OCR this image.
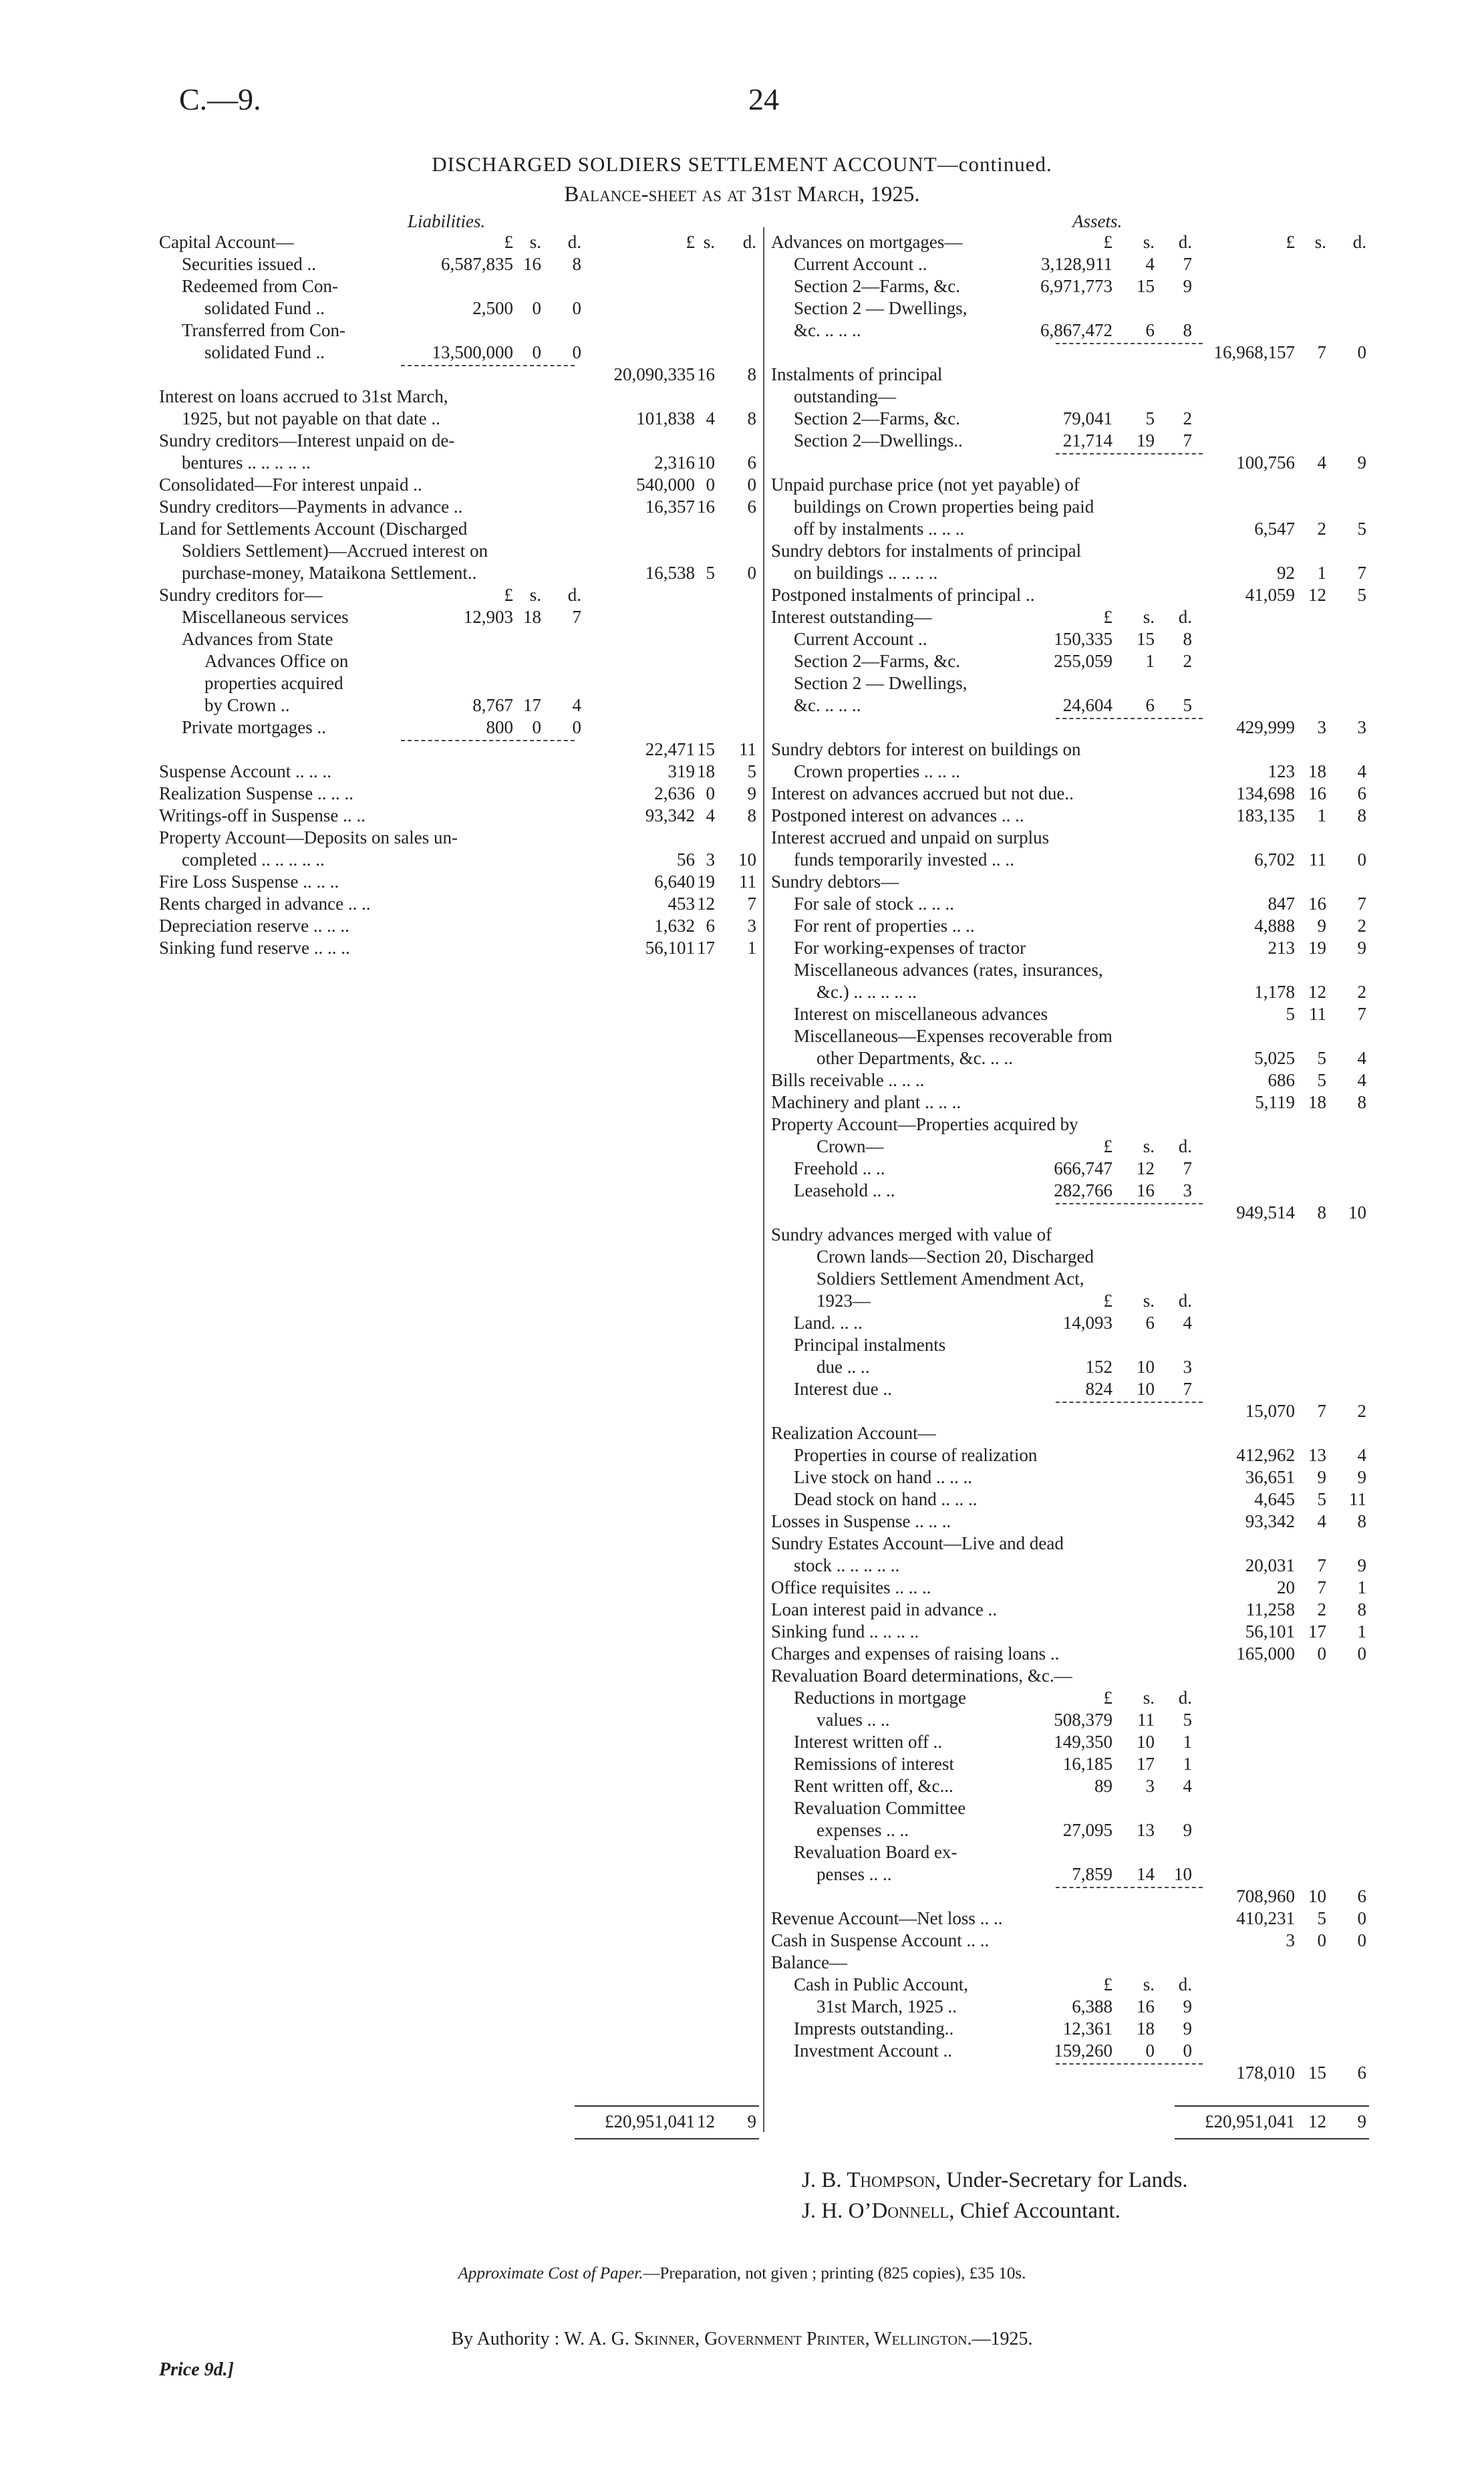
C.—9.	24
DISCHARGED SOLDIERS SETTLEMENT ACCOUNT—continued.
Balance-sheet as at 31st March, 1925.
Liabilities.	Assets.
Capital Account—	£ s.	d.	£ s.	d.
Securities issued ..	6,587,835 16	8
Redeemed from Con-
solidated Fund ..	2,500	0	0
Transferred from Con-
solidated Fund ..	13,500,000	0	0
20,090,335 16	8
Interest on loans accrued to 31st March,
1925, but not payable on that date ..	101,838 4	8
Sundry creditors—Interest unpaid on de-
bentures .. .. .. .. ..	2,316 10	6
Consolidated—For interest unpaid ..	540,000 0	0
Sundry creditors—Payments in advance ..	16,357 16	6
Land for Settlements Account (Discharged
Soldiers Settlement)—Accrued interest on
purchase-money, Mataikona Settlement..	16,538 5	0
Sundry creditors for—	£ s.	d.
Miscellaneous services	12,903 18	7
Advances from State
Advances Office on
properties acquired
by Crown ..	8,767 17	4
Private mortgages ..	800	0	0
22,471 15	11
Suspense Account .. .. ..	319 18	5
Realization Suspense .. .. ..	2,636 0	9
Writings-off in Suspense .. ..	93,342 4	8
Property Account—Deposits on sales un-
completed .. .. .. .. ..	56 3	10
Fire Loss Suspense .. .. ..	6,640 19	11
Rents charged in advance .. ..	453 12	7
Depreciation reserve .. .. ..	1,632 6	3
Sinking fund reserve .. .. ..	56,101 17	1
£20,951,041 12	9
Advances on mortgages—	£	s.	d.	£	s.	d.
Current Account ..	3,128,911	4	7
Section 2—Farms, &c.	6,971,773	15	9
Section 2 — Dwellings,
&c. .. .. ..	6,867,472	6	8
16,968,157	7	0
Instalments of principal
outstanding—
Section 2—Farms, &c.	79,041	5	2
Section 2—Dwellings..	21,714	19	7
100,756	4	9
Unpaid purchase price (not yet payable) of
buildings on Crown properties being paid
off by instalments .. .. ..	6,547	2	5
Sundry debtors for instalments of principal
on buildings .. .. .. ..	92	1	7
Postponed instalments of principal ..	41,059 12	5
Interest outstanding—	£	s.	d.
Current Account ..	150,335	15	8
Section 2—Farms, &c.	255,059	1	2
Section 2 — Dwellings,
&c. .. .. ..	24,604	6	5
429,999	3	3
Sundry debtors for interest on buildings on
Crown properties .. .. ..	123 18	4
Interest on advances accrued but not due..	134,698 16	6
Postponed interest on advances .. ..	183,135	1	8
Interest accrued and unpaid on surplus
funds temporarily invested .. ..	6,702 11	0
Sundry debtors—
For sale of stock .. .. ..	847 16	7
For rent of properties .. ..	4,888	9	2
For working-expenses of tractor	213 19	9
Miscellaneous advances (rates, insurances,
&c.) .. .. .. .. ..	1,178 12	2
Interest on miscellaneous advances	5 11	7
Miscellaneous—Expenses recoverable from
other Departments, &c. .. ..	5,025	5	4
Bills receivable .. .. ..	686	5	4
Machinery and plant .. .. ..	5,119 18	8
Property Account—Properties acquired by
Crown—	£	s.	d.
Freehold .. ..	666,747	12	7
Leasehold .. ..	282,766	16	3
949,514	8	10
Sundry advances merged with value of
Crown lands—Section 20, Discharged
Soldiers Settlement Amendment Act,
1923—	£	s.	d.
Land. .. ..	14,093	6	4
Principal instalments
due .. ..	152	10	3
Interest due ..	824	10	7
15,070	7	2
Realization Account—
Properties in course of realization	412,962 13	4
Live stock on hand .. .. ..	36,651	9	9
Dead stock on hand .. .. ..	4,645	5	11
Losses in Suspense .. .. ..	93,342	4	8
Sundry Estates Account—Live and dead
stock .. .. .. .. ..	20,031	7	9
Office requisites .. .. ..	20	7	1
Loan interest paid in advance ..	11,258	2	8
Sinking fund .. .. .. ..	56,101 17	1
Charges and expenses of raising loans ..	165,000	0	0
Revaluation Board determinations, &c.—
Reductions in mortgage	£	s.	d.
values .. ..	508,379	11	5
Interest written off ..	149,350	10	1
Remissions of interest	16,185	17	1
Rent written off, &c...	89	3	4
Revaluation Committee
expenses .. ..	27,095	13	9
Revaluation Board ex-
penses .. ..	7,859	14	10
708,960 10	6
Revenue Account—Net loss .. ..	410,231	5	0
Cash in Suspense Account .. ..	3	0	0
Balance—
Cash in Public Account,	£	s.	d.
31st March, 1925 ..	6,388	16	9
Imprests outstanding..	12,361	18	9
Investment Account ..	159,260	0	0
178,010 15	6
£20,951,041 12	9
J. B. Thompson, Under-Secretary for Lands.
J. H. O’Donnell, Chief Accountant.
Approximate Cost of Paper.—Preparation, not given ; printing (825 copies), £35 10s.
By Authority : W. A. G. Skinner, Government Printer, Wellington.—1925.
Price 9d.]
